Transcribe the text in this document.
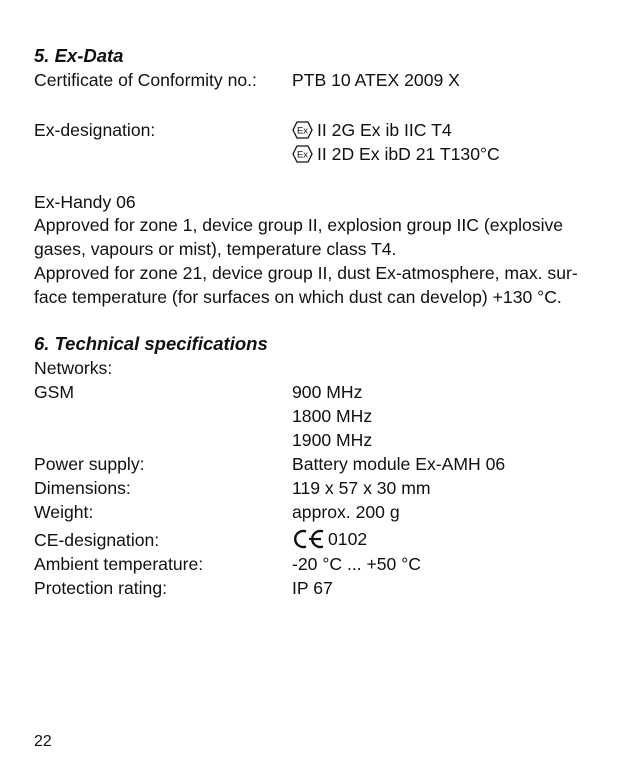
5. Ex-Data
Certificate of Conformity no.: PTB 10 ATEX 2009 X
Ex-designation:	Ex II 2G Ex ib IIC T4
Ex II 2D Ex ibD 21 T130°C
Ex-Handy 06
Approved for zone 1, device group II, explosion group IIC (explosive
gases, vapours or mist), temperature class T4.
Approved for zone 21, device group II, dust Ex-atmosphere, max. sur-
face temperature (for surfaces on which dust can develop) +130 °C.
6. Technical specifications
Networks:
GSM	900 MHz
1800 MHz
1900 MHz
Power supply:	Battery module Ex-AMH 06
Dimensions:	119 x 57 x 30 mm
Weight:	approx. 200 g
CE-designation:	0102
Ambient temperature:	-20 °C ... +50 °C
Protection rating:	IP 67
22
